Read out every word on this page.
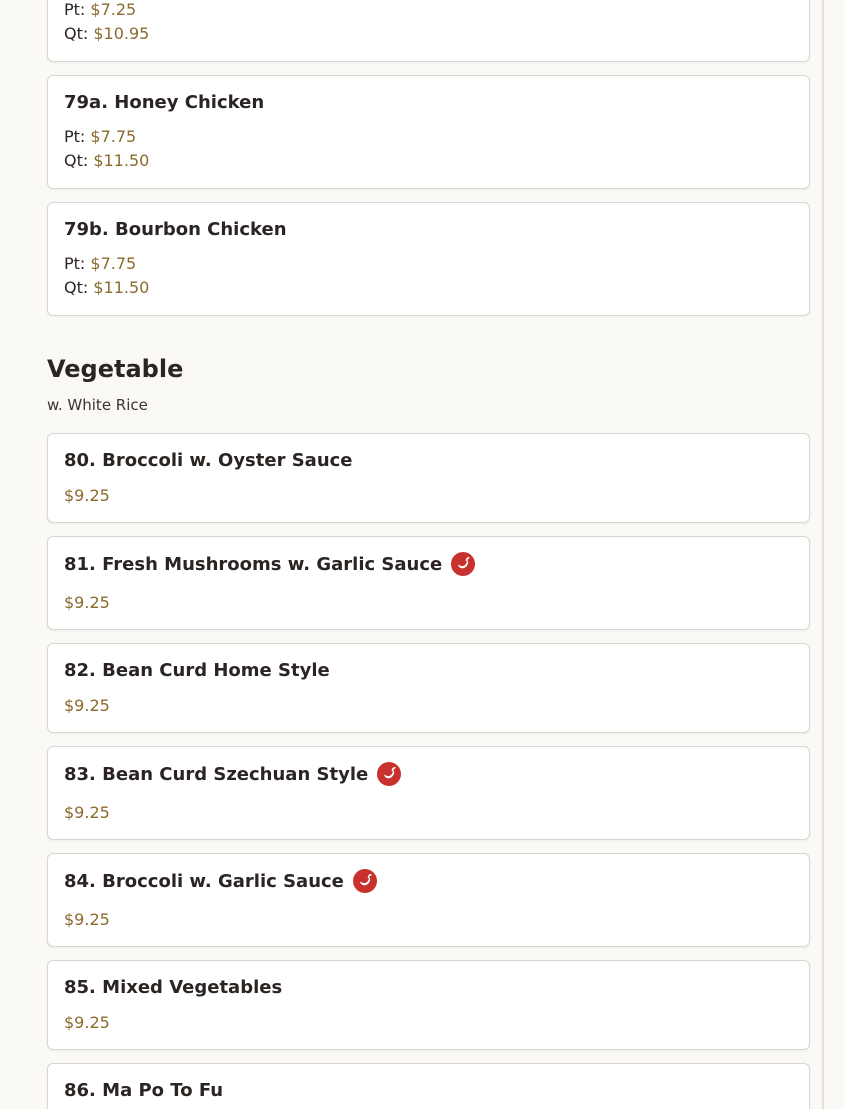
Pt: $7.25
Qt: $10.95
79a. Honey Chicken
Pt: $7.75
Qt: $11.50
79b. Bourbon Chicken
Pt: $7.75
Qt: $11.50
Vegetable
w. White Rice
80. Broccoli w. Oyster Sauce
$9.25
81. Fresh Mushrooms w. Garlic Sauce
$9.25
82. Bean Curd Home Style
$9.25
83. Bean Curd Szechuan Style
$9.25
84. Broccoli w. Garlic Sauce
$9.25
85. Mixed Vegetables
$9.25
86. Ma Po To Fu
